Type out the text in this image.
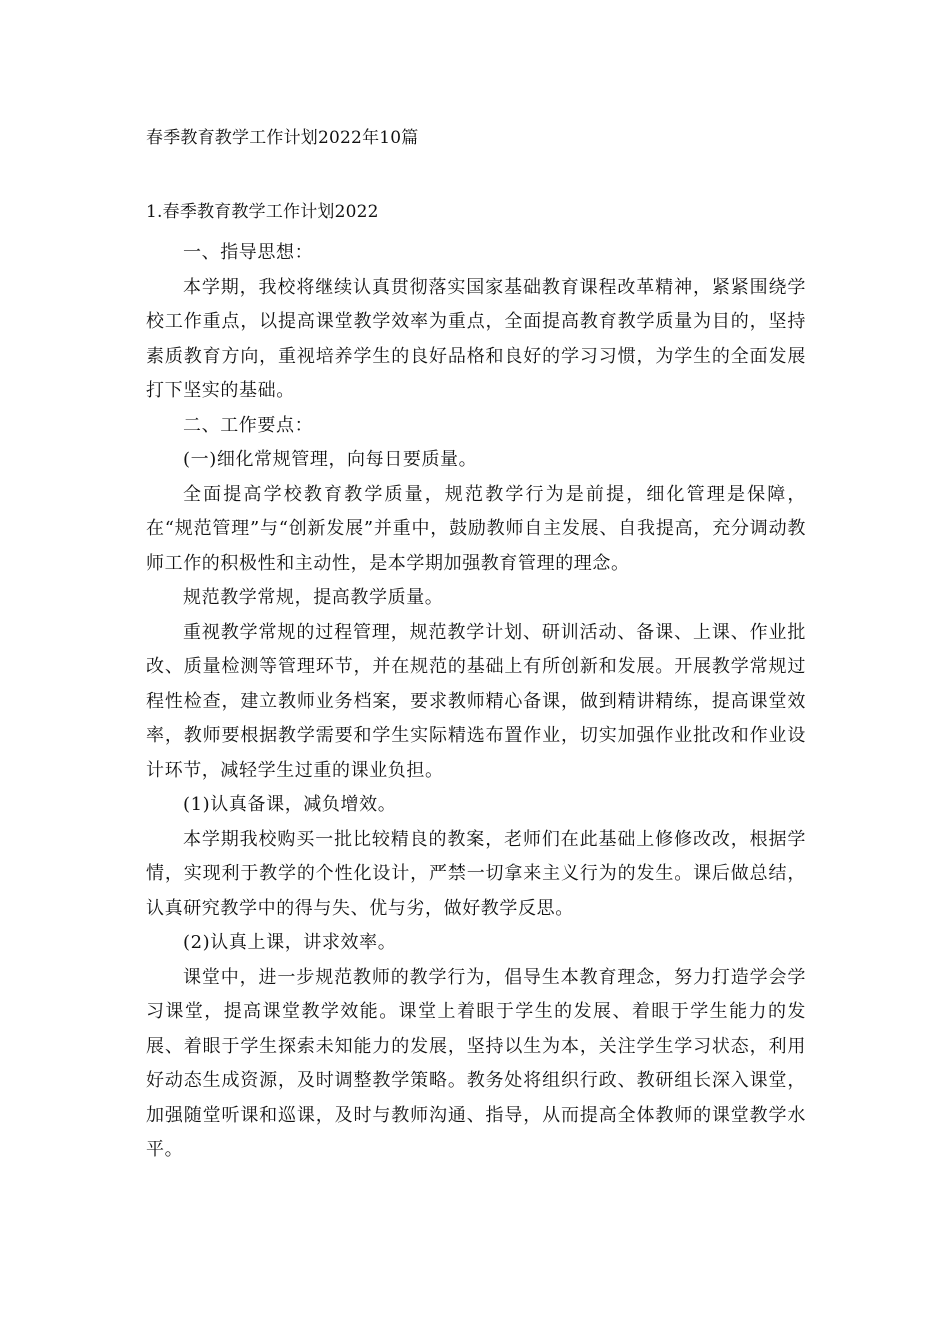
春季教育教学工作计划2022年10篇
1.春季教育教学工作计划2022

一、指导思想：

本学期，我校将继续认真贯彻落实国家基础教育课程改革精神，紧紧围绕学校工作重点，以提高课堂教学效率为重点，全面提高教育教学质量为目的，坚持素质教育方向，重视培养学生的良好品格和良好的学习习惯，为学生的全面发展打下坚实的基础。

二、工作要点：

(一)细化常规管理，向每日要质量。

全面提高学校教育教学质量，规范教学行为是前提，细化管理是保障，在“规范管理”与“创新发展”并重中，鼓励教师自主发展、自我提高，充分调动教师工作的积极性和主动性，是本学期加强教育管理的理念。

规范教学常规，提高教学质量。

重视教学常规的过程管理，规范教学计划、研训活动、备课、上课、作业批改、质量检测等管理环节，并在规范的基础上有所创新和发展。开展教学常规过程性检查，建立教师业务档案，要求教师精心备课，做到精讲精练，提高课堂效率，教师要根据教学需要和学生实际精选布置作业，切实加强作业批改和作业设计环节，减轻学生过重的课业负担。

(1)认真备课，减负增效。

本学期我校购买一批比较精良的教案，老师们在此基础上修修改改，根据学情，实现利于教学的个性化设计，严禁一切拿来主义行为的发生。课后做总结，认真研究教学中的得与失、优与劣，做好教学反思。

(2)认真上课，讲求效率。

课堂中，进一步规范教师的教学行为，倡导生本教育理念，努力打造学会学习课堂，提高课堂教学效能。课堂上着眼于学生的发展、着眼于学生能力的发展、着眼于学生探索未知能力的发展，坚持以生为本，关注学生学习状态，利用好动态生成资源，及时调整教学策略。教务处将组织行政、教研组长深入课堂，加强随堂听课和巡课，及时与教师沟通、指导，从而提高全体教师的课堂教学水平。
